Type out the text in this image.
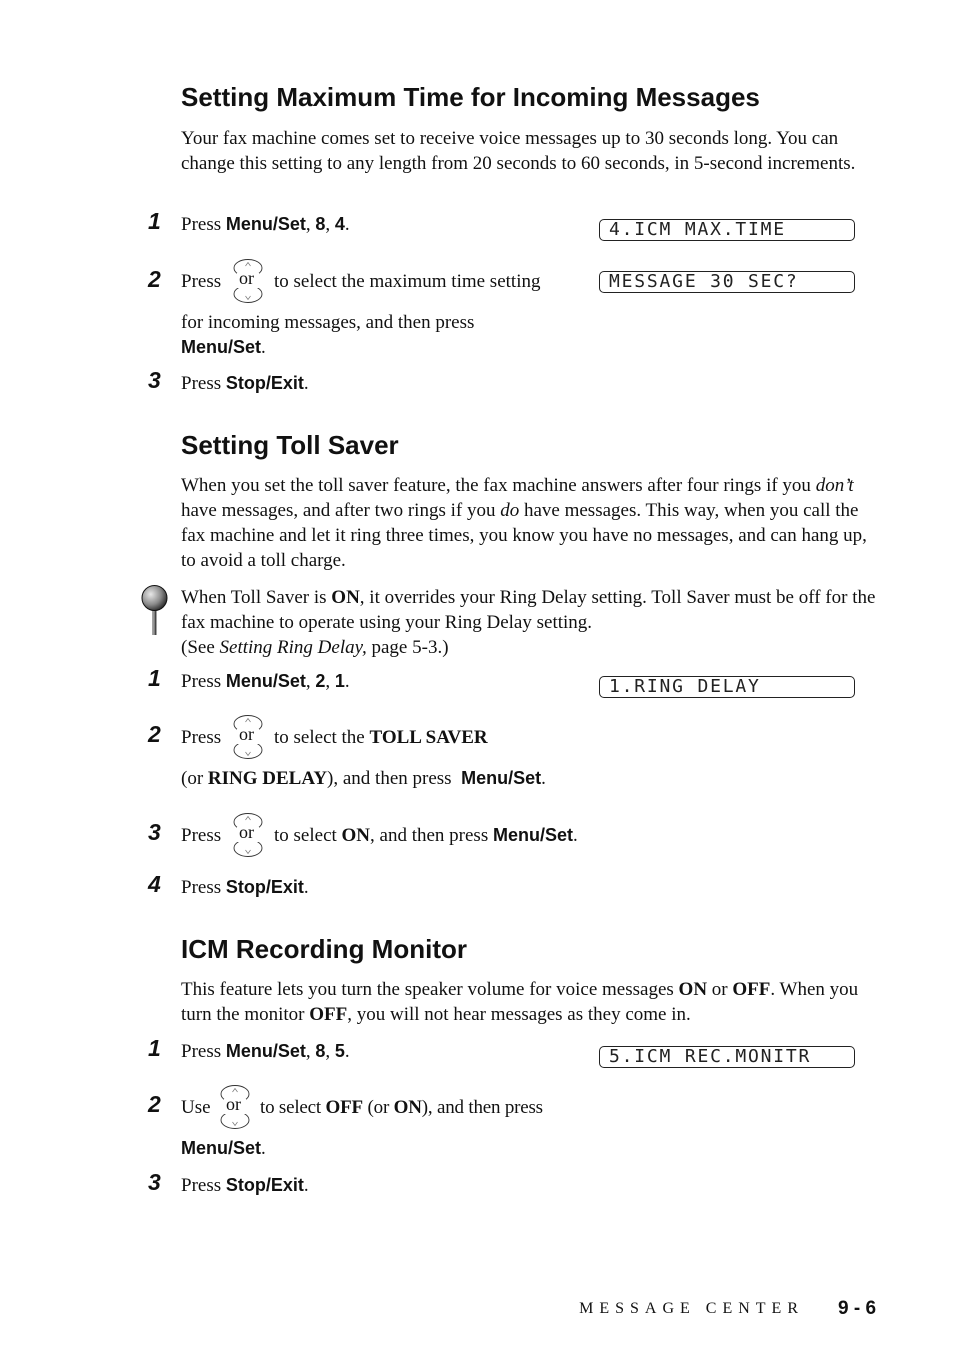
Setting Maximum Time for Incoming Messages
Your fax machine comes set to receive voice messages up to 30 seconds long. You can change this setting to any length from 20 seconds to 60 seconds, in 5-second increments.
1 Press Menu/Set, 8, 4.	4.ICM MAX.TIME
2 Press or to select the maximum time setting	MESSAGE 30 SEC?
for incoming messages, and then press
Menu/Set.
3 Press Stop/Exit.
Setting Toll Saver
When you set the toll saver feature, the fax machine answers after four rings if you don’t have messages, and after two rings if you do have messages. This way, when you call the fax machine and let it ring three times, you know you have no messages, and can hang up, to avoid a toll charge.
When Toll Saver is ON, it overrides your Ring Delay setting. Toll Saver must be off for the fax machine to operate using your Ring Delay setting.
(See Setting Ring Delay, page 5-3.)
1 Press Menu/Set, 2, 1.	1.RING DELAY
2 Press or to select the TOLL SAVER
(or RING DELAY), and then press Menu/Set.
3 Press or to select ON, and then press Menu/Set.
4 Press Stop/Exit.
ICM Recording Monitor
This feature lets you turn the speaker volume for voice messages ON or OFF. When you turn the monitor OFF, you will not hear messages as they come in.
1 Press Menu/Set, 8, 5.	5.ICM REC.MONITR
2 Use or to select OFF (or ON), and then press
Menu/Set.
3 Press Stop/Exit.
MESSAGE CENTER 9 - 6
